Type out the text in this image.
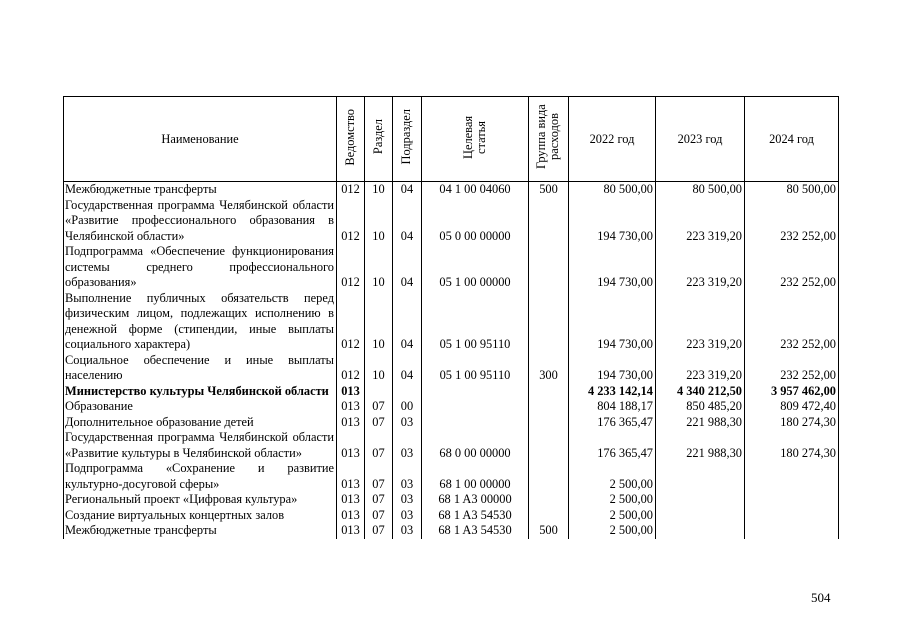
Наименование	Ведомство	Раздел	Подраздел	Целевая статья	Группа вида расходов	2022 год	2023 год	2024 год
Межбюджетные трансферты	012	10	04	04 1 00 04060	500	80 500,00	80 500,00	80 500,00
Государственная программа Челябинской области «Развитие профессионального образования в Челябинской области»	012	10	04	05 0 00 00000		194 730,00	223 319,20	232 252,00
Подпрограмма «Обеспечение функционирования системы среднего профессионального образования»	012	10	04	05 1 00 00000		194 730,00	223 319,20	232 252,00
Выполнение публичных обязательств перед физическим лицом, подлежащих исполнению в денежной форме (стипендии, иные выплаты социального характера)	012	10	04	05 1 00 95110		194 730,00	223 319,20	232 252,00
Социальное обеспечение и иные выплаты населению	012	10	04	05 1 00 95110	300	194 730,00	223 319,20	232 252,00
Министерство культуры Челябинской области	013					4 233 142,14	4 340 212,50	3 957 462,00
Образование	013	07	00			804 188,17	850 485,20	809 472,40
Дополнительное образование детей	013	07	03			176 365,47	221 988,30	180 274,30
Государственная программа Челябинской области «Развитие культуры в Челябинской области»	013	07	03	68 0 00 00000		176 365,47	221 988,30	180 274,30
Подпрограмма «Сохранение и развитие культурно-досуговой сферы»	013	07	03	68 1 00 00000		2 500,00		
Региональный проект «Цифровая культура»	013	07	03	68 1 A3 00000		2 500,00		
Создание виртуальных концертных залов	013	07	03	68 1 A3 54530		2 500,00		
Межбюджетные трансферты	013	07	03	68 1 A3 54530	500	2 500,00		
504
